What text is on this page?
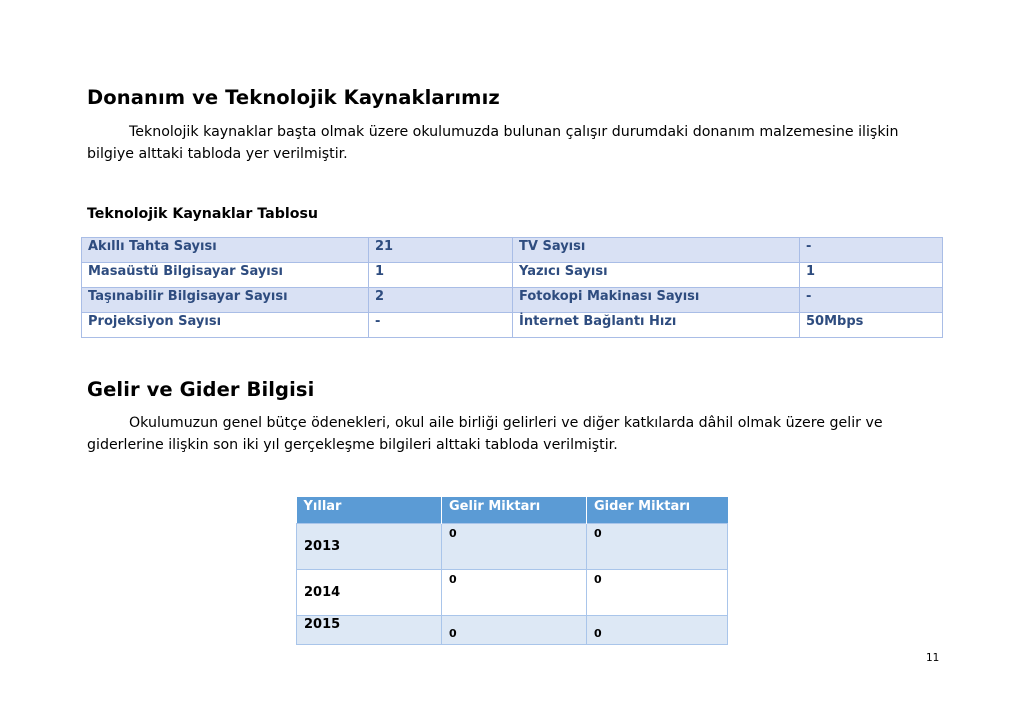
Donanım ve Teknolojik Kaynaklarımız

Teknolojik kaynaklar başta olmak üzere okulumuzda bulunan çalışır durumdaki donanım malzemesine ilişkin
bilgiye alttaki tabloda yer verilmiştir.

Teknolojik Kaynaklar Tablosu

Akıllı Tahta Sayısı	21	TV Sayısı	-
Masaüstü Bilgisayar Sayısı	1	Yazıcı Sayısı	1
Taşınabilir Bilgisayar Sayısı	2	Fotokopi Makinası Sayısı	-
Projeksiyon Sayısı	-	İnternet Bağlantı Hızı	50Mbps
Gelir ve Gider Bilgisi

Okulumuzun genel bütçe ödenekleri, okul aile birliği gelirleri ve diğer katkılarda dâhil olmak üzere gelir ve
giderlerine ilişkin son iki yıl gerçekleşme bilgileri alttaki tabloda verilmiştir.

Yıllar	Gelir Miktarı	Gider Miktarı
2013	0	0
2014	0	0
2015	0	0

11
